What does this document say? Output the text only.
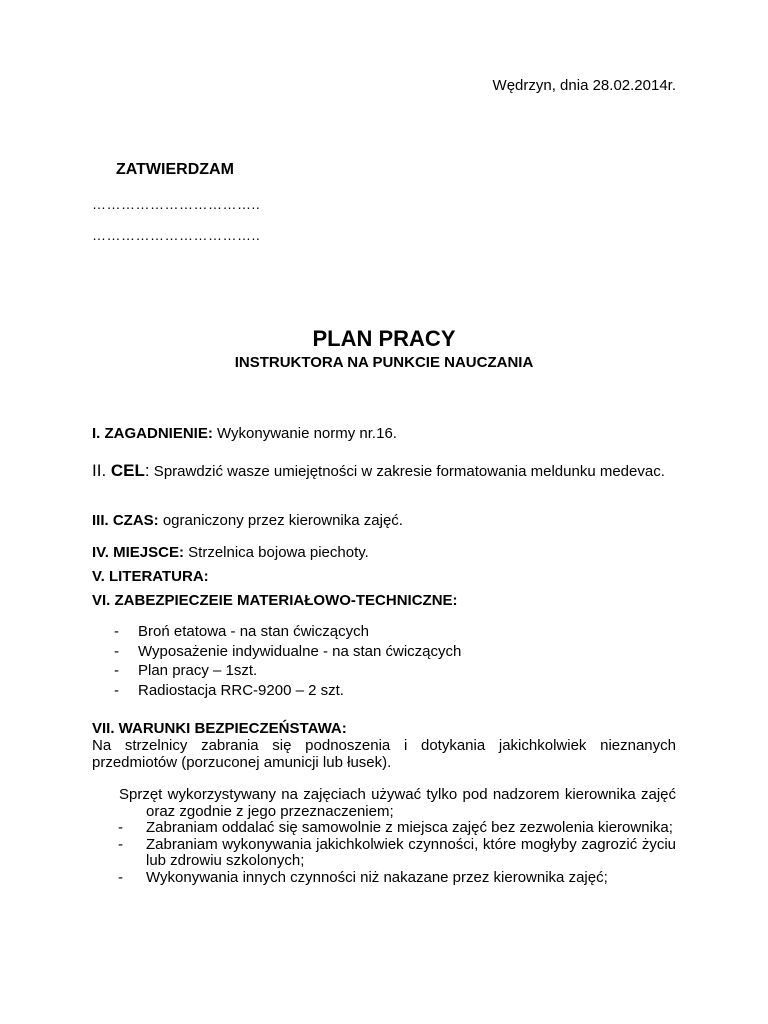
Wędrzyn, dnia 28.02.2014r.
ZATWIERDZAM
……………………………..
……………………………..
PLAN PRACY
INSTRUKTORA NA PUNKCIE NAUCZANIA
I. ZAGADNIENIE: Wykonywanie normy nr.16.
II. CEL: Sprawdzić wasze umiejętności w zakresie formatowania meldunku medevac.
III. CZAS: ograniczony przez kierownika zajęć.
IV. MIEJSCE: Strzelnica bojowa piechoty.
V. LITERATURA:
VI. ZABEZPIECZEIE MATERIAŁOWO-TECHNICZNE:
- Broń etatowa - na stan ćwiczących
- Wyposażenie indywidualne - na stan ćwiczących
- Plan pracy – 1szt.
- Radiostacja RRC-9200 – 2 szt.
VII. WARUNKI BEZPIECZEŃSTAWA:
Na strzelnicy zabrania się podnoszenia i dotykania jakichkolwiek nieznanych przedmiotów (porzuconej amunicji lub łusek).
Sprzęt wykorzystywany na zajęciach używać tylko pod nadzorem kierownika zajęć oraz zgodnie z jego przeznaczeniem;
- Zabraniam oddalać się samowolnie z miejsca zajęć bez zezwolenia kierownika;
- Zabraniam wykonywania jakichkolwiek czynności, które mogłyby zagrozić życiu lub zdrowiu szkolonych;
- Wykonywania innych czynności niż nakazane przez kierownika zajęć;
